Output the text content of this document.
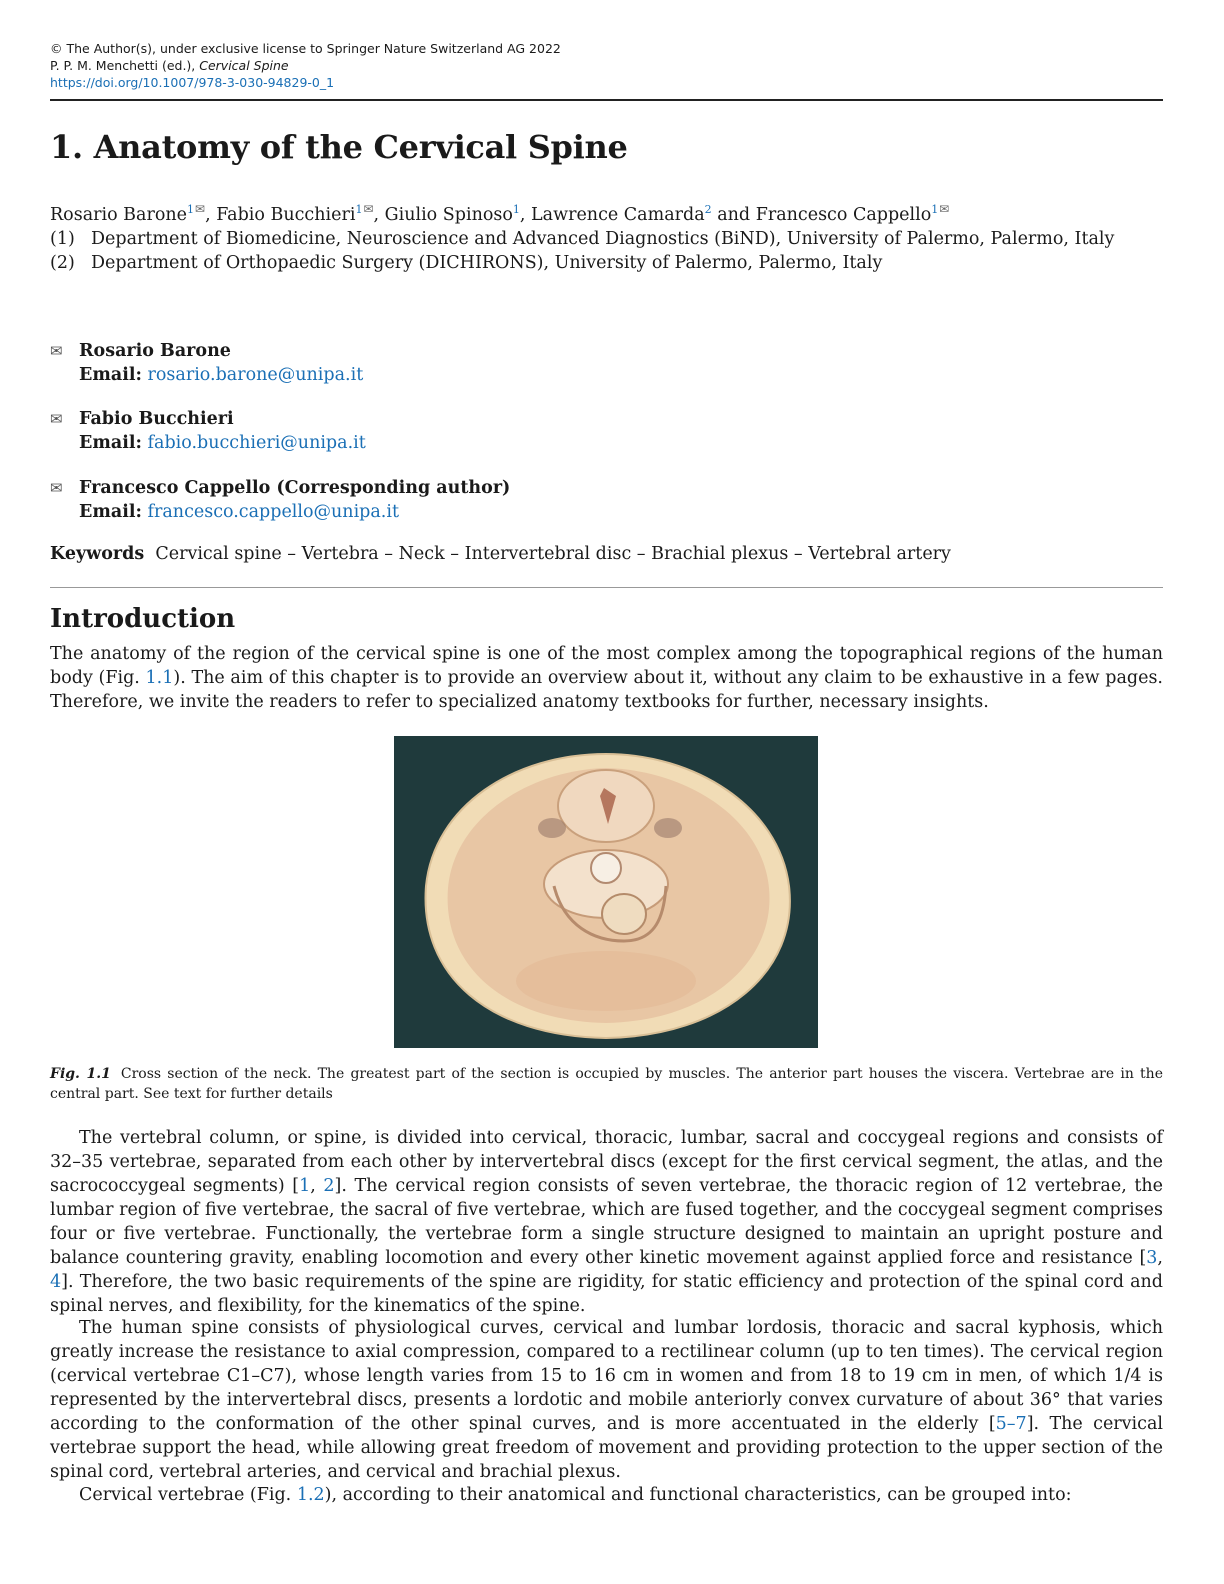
© The Author(s), under exclusive license to Springer Nature Switzerland AG 2022
P. P. M. Menchetti (ed.), Cervical Spine
https://doi.org/10.1007/978-3-030-94829-0_1
1. Anatomy of the Cervical Spine
Rosario Barone$^1$✉, Fabio Bucchieri$^1$✉, Giulio Spinoso$^1$, Lawrence Camarda$^2$ and Francesco Cappello$^1$✉
(1) Department of Biomedicine, Neuroscience and Advanced Diagnostics (BiND), University of Palermo, Palermo, Italy
(2) Department of Orthopaedic Surgery (DICHIRONS), University of Palermo, Palermo, Italy
✉ Rosario Barone
Email: rosario.barone@unipa.it
✉ Fabio Bucchieri
Email: fabio.bucchieri@unipa.it
✉ Francesco Cappello (Corresponding author)
Email: francesco.cappello@unipa.it
Keywords Cervical spine – Vertebra – Neck – Intervertebral disc – Brachial plexus – Vertebral artery
Introduction
The anatomy of the region of the cervical spine is one of the most complex among the topographical regions of the human body (Fig. 1.1). The aim of this chapter is to provide an overview about it, without any claim to be exhaustive in a few pages. Therefore, we invite the readers to refer to specialized anatomy textbooks for further, necessary insights.
Fig. 1.1 Cross section of the neck. The greatest part of the section is occupied by muscles. The anterior part houses the viscera. Vertebrae are in the central part. See text for further details
The vertebral column, or spine, is divided into cervical, thoracic, lumbar, sacral and coccygeal regions and consists of 32–35 vertebrae, separated from each other by intervertebral discs (except for the first cervical segment, the atlas, and the sacrococcygeal segments) [1, 2]. The cervical region consists of seven vertebrae, the thoracic region of 12 vertebrae, the lumbar region of five vertebrae, the sacral of five vertebrae, which are fused together, and the coccygeal segment comprises four or five vertebrae. Functionally, the vertebrae form a single structure designed to maintain an upright posture and balance countering gravity, enabling locomotion and every other kinetic movement against applied force and resistance [3, 4]. Therefore, the two basic requirements of the spine are rigidity, for static efficiency and protection of the spinal cord and spinal nerves, and flexibility, for the kinematics of the spine.
The human spine consists of physiological curves, cervical and lumbar lordosis, thoracic and sacral kyphosis, which greatly increase the resistance to axial compression, compared to a rectilinear column (up to ten times). The cervical region (cervical vertebrae C1–C7), whose length varies from 15 to 16 cm in women and from 18 to 19 cm in men, of which 1/4 is represented by the intervertebral discs, presents a lordotic and mobile anteriorly convex curvature of about 36° that varies according to the conformation of the other spinal curves, and is more accentuated in the elderly [5–7]. The cervical vertebrae support the head, while allowing great freedom of movement and providing protection to the upper section of the spinal cord, vertebral arteries, and cervical and brachial plexus.
Cervical vertebrae (Fig. 1.2), according to their anatomical and functional characteristics, can be grouped into:
